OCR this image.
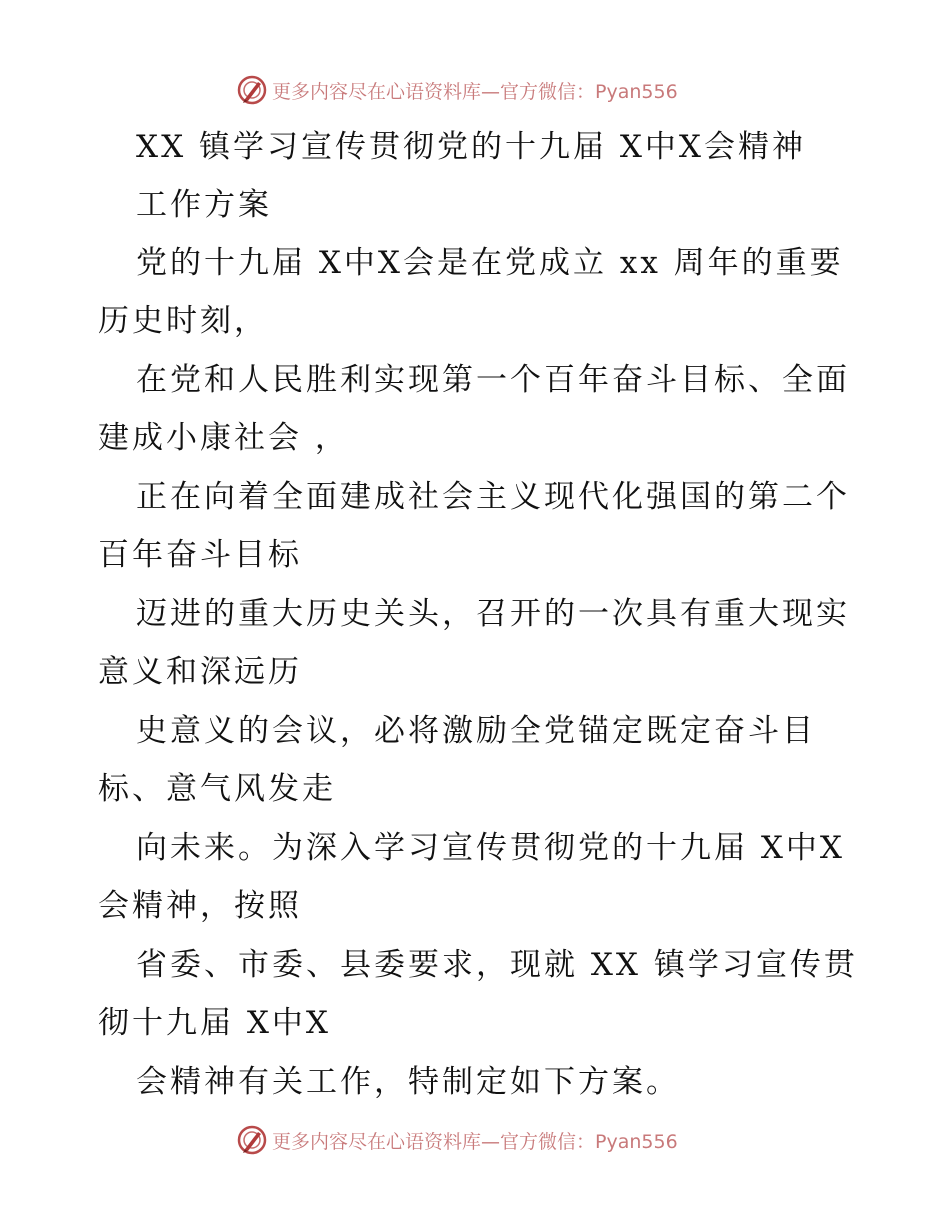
更多内容尽在心语资料库—官方微信：Pyan556
XX 镇学习宣传贯彻党的十九届 X中X会精神
工作方案
党的十九届 X中X会是在党成立 xx 周年的重要
历史时刻，
在党和人民胜利实现第一个百年奋斗目标、全面
建成小康社会 ，
正在向着全面建成社会主义现代化强国的第二个
百年奋斗目标
迈进的重大历史关头，召开的一次具有重大现实
意义和深远历
史意义的会议，必将激励全党锚定既定奋斗目
标、意气风发走
向未来。为深入学习宣传贯彻党的十九届 X中X
会精神，按照
省委、市委、县委要求，现就 XX 镇学习宣传贯
彻十九届 X中X
会精神有关工作，特制定如下方案。
更多内容尽在心语资料库—官方微信：Pyan556
